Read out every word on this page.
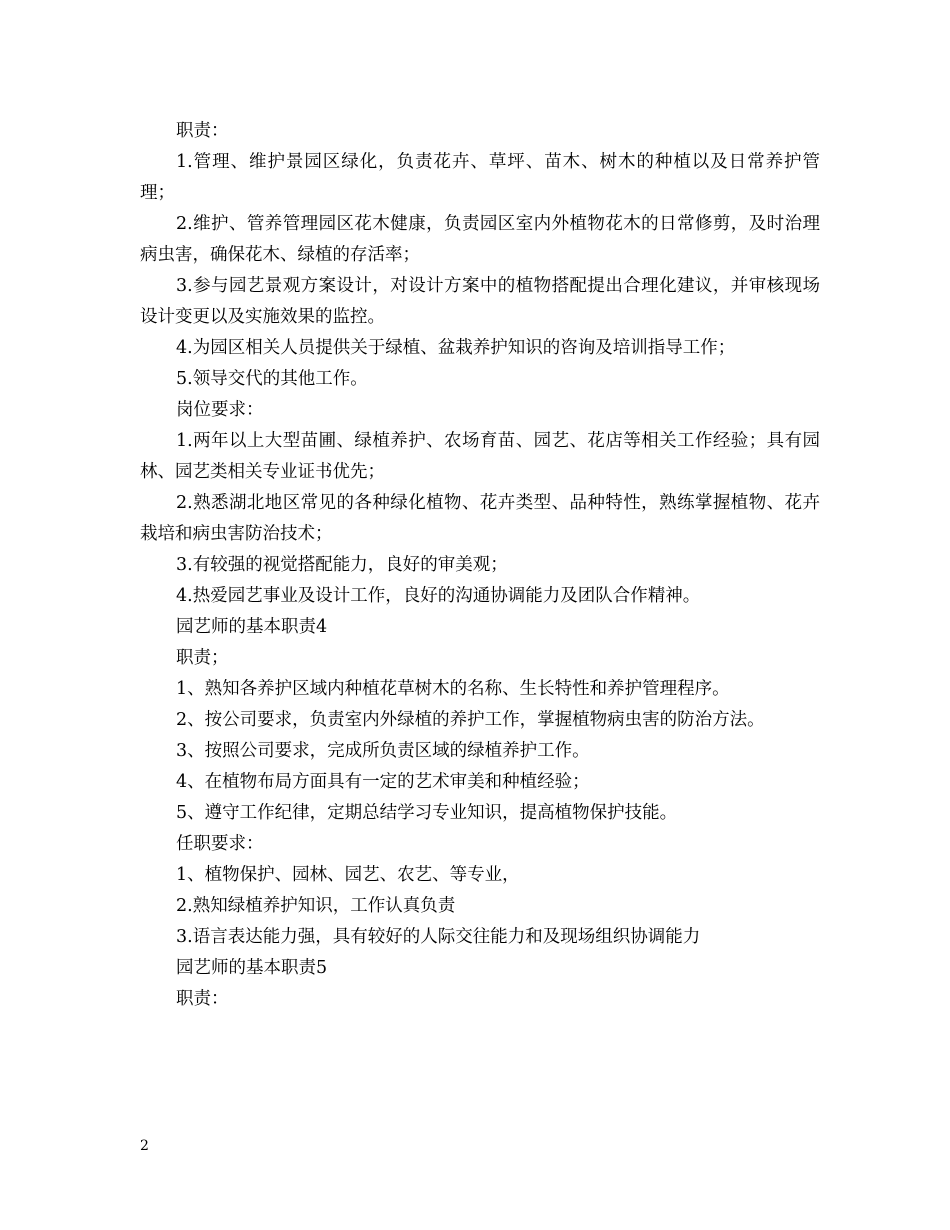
职责：

1.管理、维护景园区绿化，负责花卉、草坪、苗木、树木的种植以及日常养护管理；

2.维护、管养管理园区花木健康，负责园区室内外植物花木的日常修剪，及时治理病虫害，确保花木、绿植的存活率；

3.参与园艺景观方案设计，对设计方案中的植物搭配提出合理化建议，并审核现场设计变更以及实施效果的监控。

4.为园区相关人员提供关于绿植、盆栽养护知识的咨询及培训指导工作；

5.领导交代的其他工作。

岗位要求：

1.两年以上大型苗圃、绿植养护、农场育苗、园艺、花店等相关工作经验；具有园林、园艺类相关专业证书优先；

2.熟悉湖北地区常见的各种绿化植物、花卉类型、品种特性，熟练掌握植物、花卉栽培和病虫害防治技术；

3.有较强的视觉搭配能力，良好的审美观；

4.热爱园艺事业及设计工作，良好的沟通协调能力及团队合作精神。

园艺师的基本职责4

职责；

1、熟知各养护区域内种植花草树木的名称、生长特性和养护管理程序。

2、按公司要求，负责室内外绿植的养护工作，掌握植物病虫害的防治方法。

3、按照公司要求，完成所负责区域的绿植养护工作。

4、在植物布局方面具有一定的艺术审美和种植经验；

5、遵守工作纪律，定期总结学习专业知识，提高植物保护技能。

任职要求：

1、植物保护、园林、园艺、农艺、等专业，

2.熟知绿植养护知识，工作认真负责

3.语言表达能力强，具有较好的人际交往能力和及现场组织协调能力

园艺师的基本职责5

职责：

2
